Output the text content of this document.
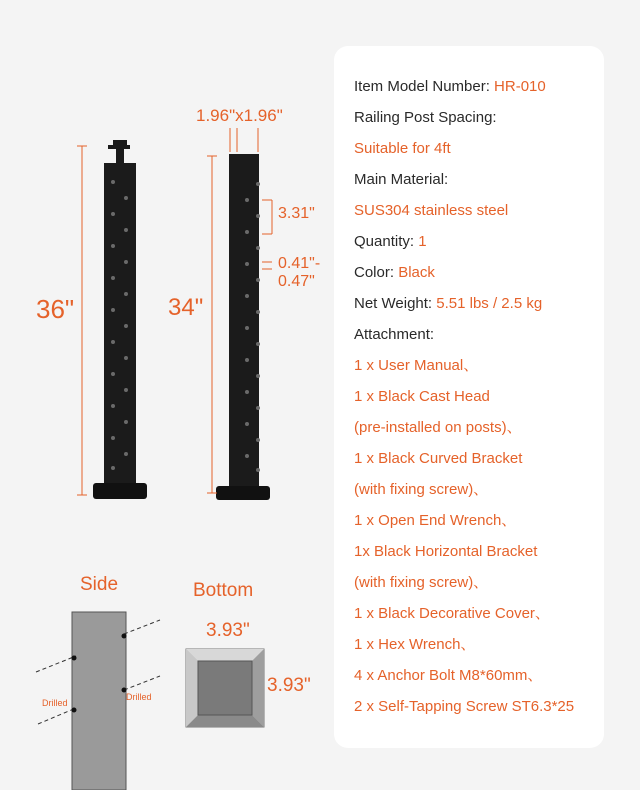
36"	34"
1.96"x1.96"
3.31"
0.41"-
0.47"
3.93"
3.93"
Side	Bottom
Drilled
Drilled
Item Model Number: HR-010
Railing Post Spacing:
Suitable for 4ft
Main Material:
SUS304 stainless steel
Quantity: 1
Color: Black
Net Weight: 5.51 lbs / 2.5 kg
Attachment:
1 x User Manual、
1 x Black Cast Head
(pre-installed on posts)、
1 x Black Curved Bracket
(with fixing screw)、
1 x Open End Wrench、
1x Black Horizontal Bracket
(with fixing screw)、
1 x Black Decorative Cover、
1 x Hex Wrench、
4 x Anchor Bolt M8*60mm、
2 x Self-Tapping Screw ST6.3*25
